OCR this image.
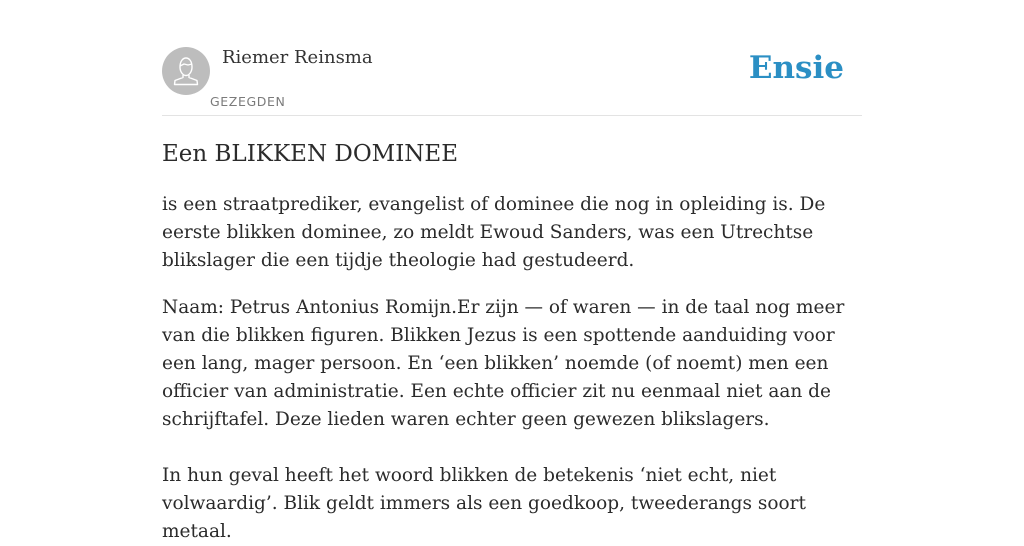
Riemer Reinsma
GEZEGDEN
Ensie
Een BLIKKEN DOMINEE

is een straatprediker, evangelist of dominee die nog in opleiding is. De eerste blikken dominee, zo meldt Ewoud Sanders, was een Utrechtse blikslager die een tijdje theologie had gestudeerd.

Naam: Petrus Antonius Romijn.Er zijn — of waren — in de taal nog meer van die blikken figuren. Blikken Jezus is een spottende aanduiding voor een lang, mager persoon. En ‘een blikken’ noemde (of noemt) men een officier van administratie. Een echte officier zit nu eenmaal niet aan de schrijftafel. Deze lieden waren echter geen gewezen blikslagers.

In hun geval heeft het woord blikken de betekenis ‘niet echt, niet volwaardig’. Blik geldt immers als een goedkoop, tweederangs soort metaal.
